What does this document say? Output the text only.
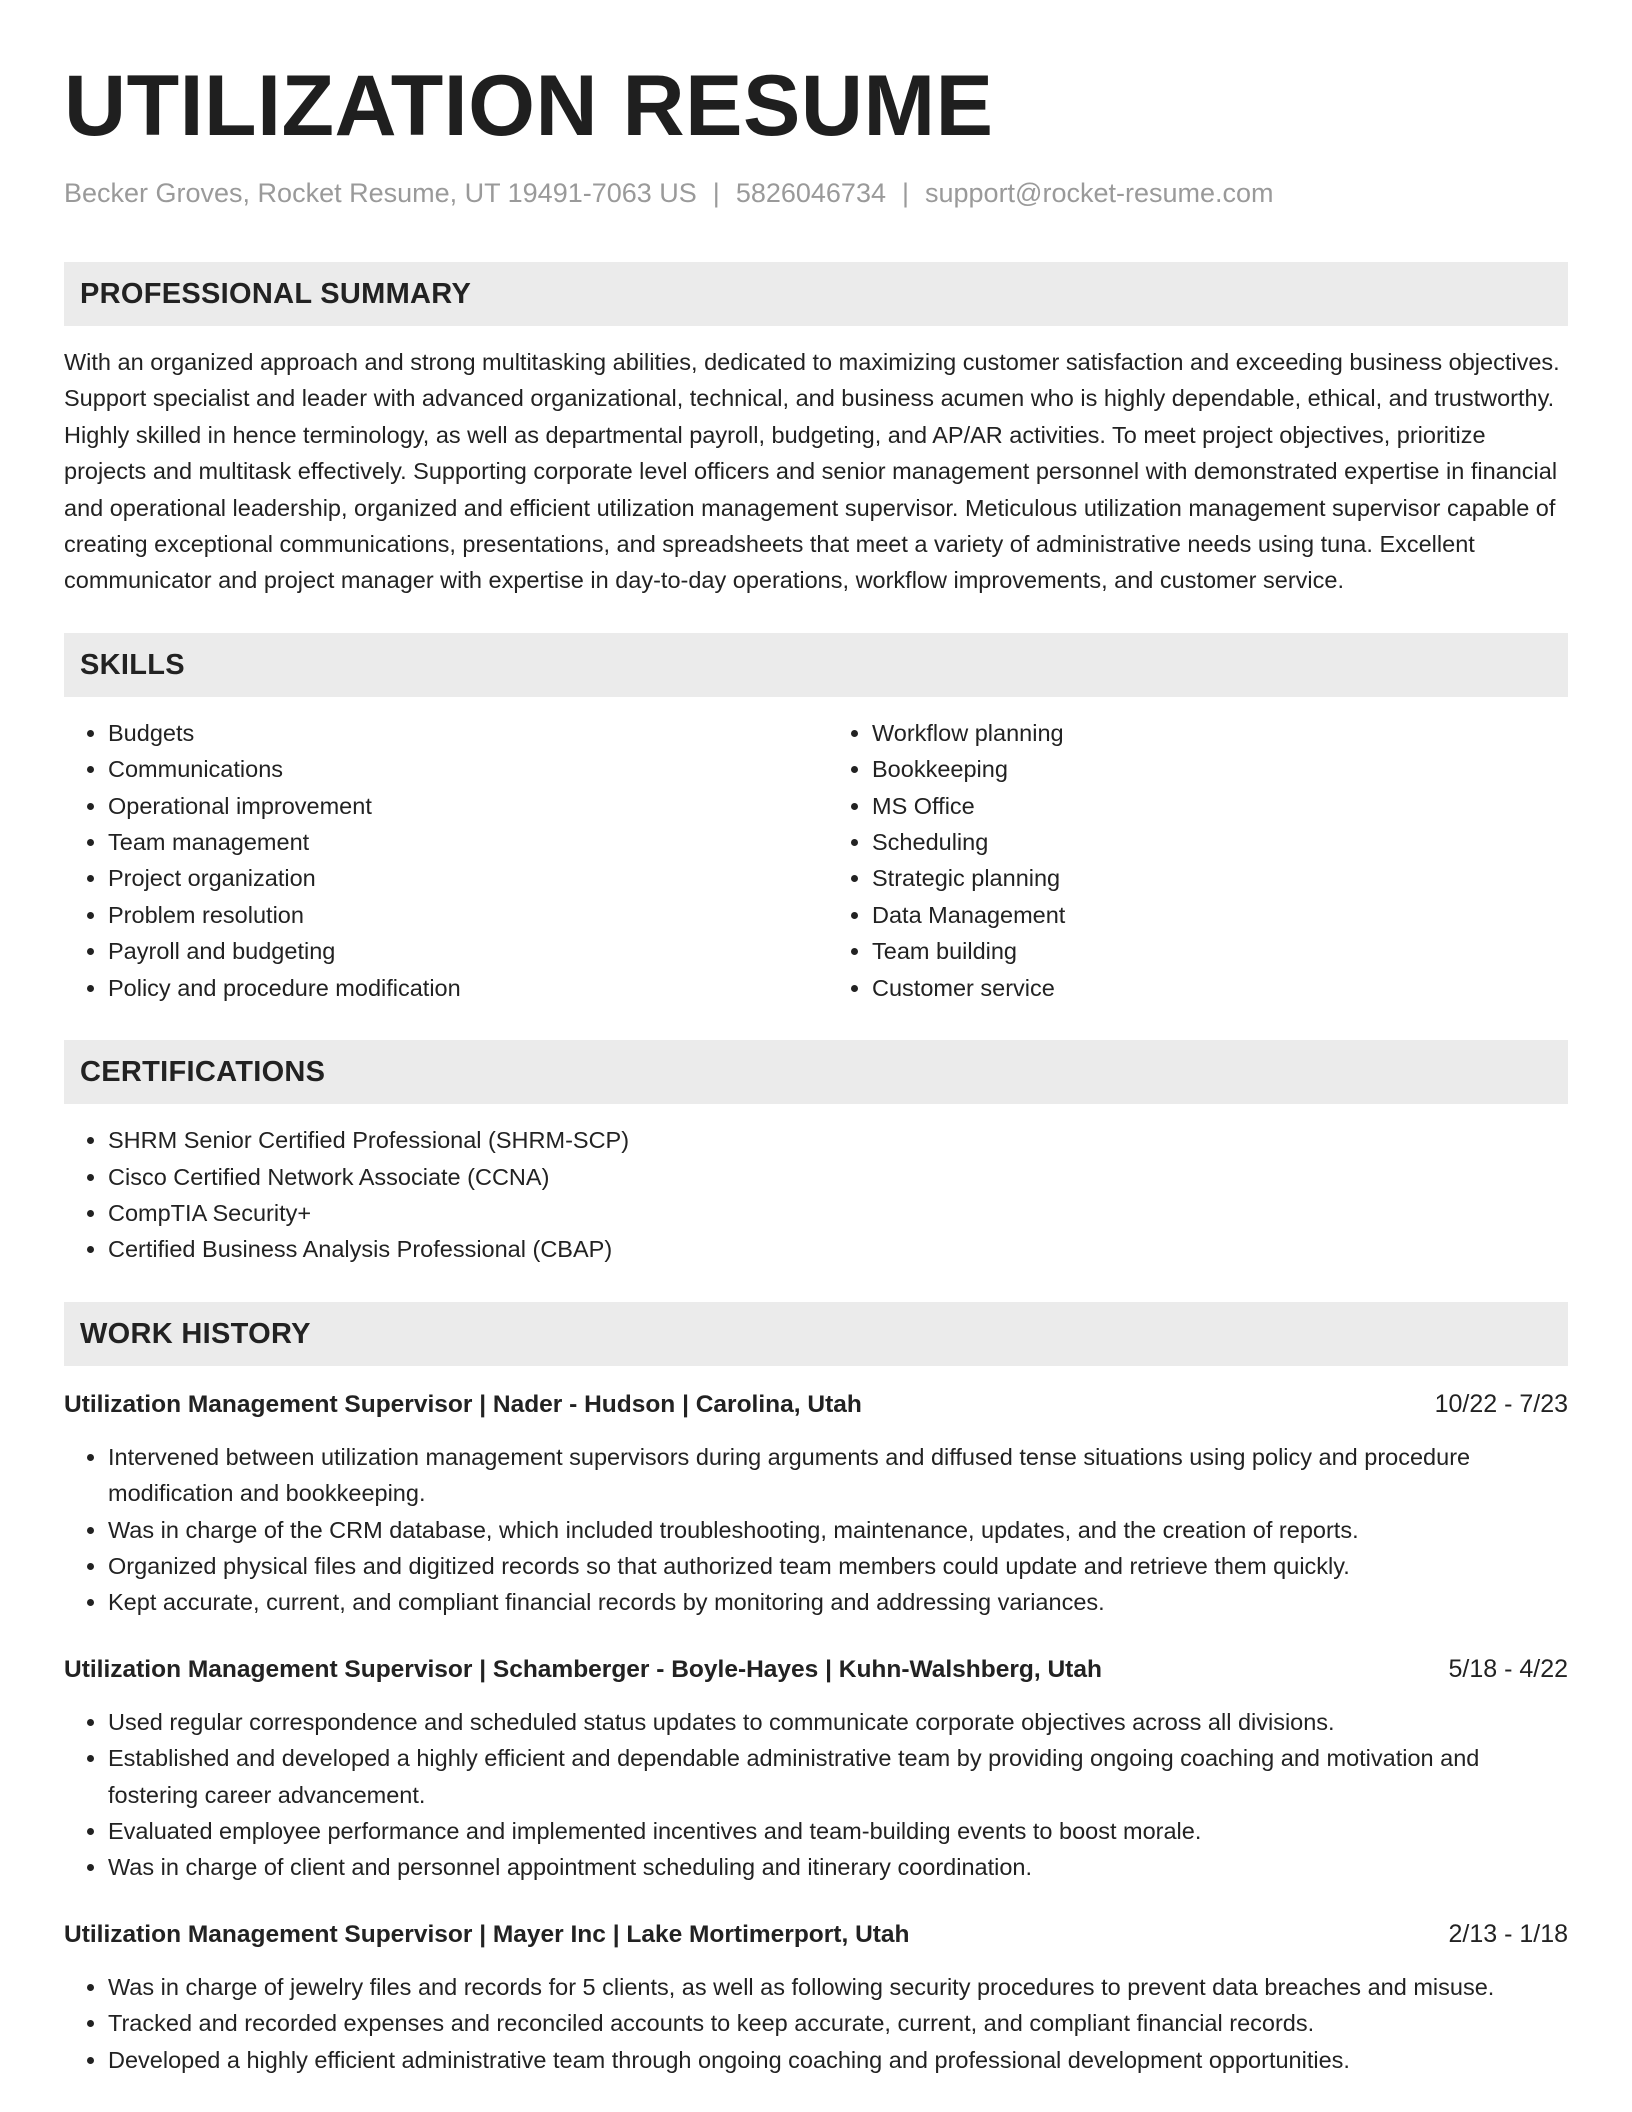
UTILIZATION RESUME
Becker Groves, Rocket Resume, UT 19491-7063 US | 5826046734 | support@rocket-resume.com
PROFESSIONAL SUMMARY

With an organized approach and strong multitasking abilities, dedicated to maximizing customer satisfaction and exceeding business objectives. Support specialist and leader with advanced organizational, technical, and business acumen who is highly dependable, ethical, and trustworthy. Highly skilled in hence terminology, as well as departmental payroll, budgeting, and AP/AR activities. To meet project objectives, prioritize projects and multitask effectively. Supporting corporate level officers and senior management personnel with demonstrated expertise in financial and operational leadership, organized and efficient utilization management supervisor. Meticulous utilization management supervisor capable of creating exceptional communications, presentations, and spreadsheets that meet a variety of administrative needs using tuna. Excellent communicator and project manager with expertise in day-to-day operations, workflow improvements, and customer service.

SKILLS
• Budgets
• Communications
• Operational improvement
• Team management
• Project organization
• Problem resolution
• Payroll and budgeting
• Policy and procedure modification
• Workflow planning
• Bookkeeping
• MS Office
• Scheduling
• Strategic planning
• Data Management
• Team building
• Customer service
CERTIFICATIONS
• SHRM Senior Certified Professional (SHRM-SCP)
• Cisco Certified Network Associate (CCNA)
• CompTIA Security+
• Certified Business Analysis Professional (CBAP)
WORK HISTORY
Utilization Management Supervisor | Nader - Hudson | Carolina, Utah	10/22 - 7/23
• Intervened between utilization management supervisors during arguments and diffused tense situations using policy and procedure modification and bookkeeping.
• Was in charge of the CRM database, which included troubleshooting, maintenance, updates, and the creation of reports.
• Organized physical files and digitized records so that authorized team members could update and retrieve them quickly.
• Kept accurate, current, and compliant financial records by monitoring and addressing variances.
Utilization Management Supervisor | Schamberger - Boyle-Hayes | Kuhn-Walshberg, Utah	5/18 - 4/22
• Used regular correspondence and scheduled status updates to communicate corporate objectives across all divisions.
• Established and developed a highly efficient and dependable administrative team by providing ongoing coaching and motivation and fostering career advancement.
• Evaluated employee performance and implemented incentives and team-building events to boost morale.
• Was in charge of client and personnel appointment scheduling and itinerary coordination.
Utilization Management Supervisor | Mayer Inc | Lake Mortimerport, Utah	2/13 - 1/18
• Was in charge of jewelry files and records for 5 clients, as well as following security procedures to prevent data breaches and misuse.
• Tracked and recorded expenses and reconciled accounts to keep accurate, current, and compliant financial records.
• Developed a highly efficient administrative team through ongoing coaching and professional development opportunities.
